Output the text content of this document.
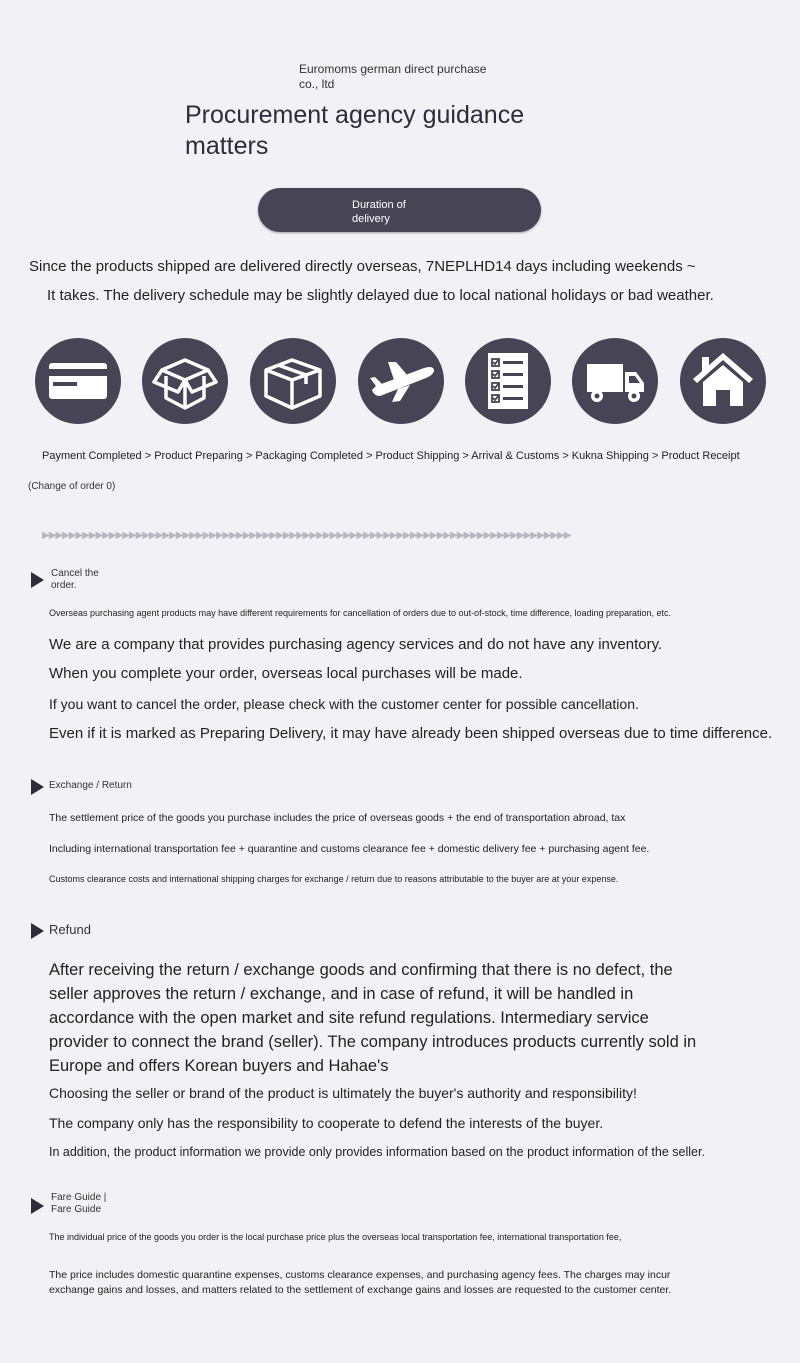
Euromoms german direct purchase co., ltd
Procurement agency guidance matters
Duration of delivery
Since the products shipped are delivered directly overseas, 7NEPLHD14 days including weekends ~
It takes. The delivery schedule may be slightly delayed due to local national holidays or bad weather.
Payment Completed > Product Preparing > Packaging Completed > Product Shipping > Arrival & Customs > Kukna Shipping > Product Receipt
(Change of order 0)
▶▶▶▶▶▶▶▶▶▶▶▶▶▶▶▶▶▶▶▶▶▶▶▶▶▶▶▶▶▶▶▶▶▶▶▶▶▶▶▶▶▶▶▶▶▶▶▶▶▶▶▶▶▶▶▶▶▶▶▶▶▶▶▶▶▶▶▶▶▶▶▶▶▶▶▶▶▶▶
Cancel the order.
Overseas purchasing agent products may have different requirements for cancellation of orders due to out-of-stock, time difference, loading preparation, etc.
We are a company that provides purchasing agency services and do not have any inventory.
When you complete your order, overseas local purchases will be made.
If you want to cancel the order, please check with the customer center for possible cancellation.
Even if it is marked as Preparing Delivery, it may have already been shipped overseas due to time difference.
Exchange / Return
The settlement price of the goods you purchase includes the price of overseas goods + the end of transportation abroad, tax
Including international transportation fee + quarantine and customs clearance fee + domestic delivery fee + purchasing agent fee.
Customs clearance costs and international shipping charges for exchange / return due to reasons attributable to the buyer are at your expense.
Refund
After receiving the return / exchange goods and confirming that there is no defect, the seller approves the return / exchange, and in case of refund, it will be handled in accordance with the open market and site refund regulations. Intermediary service provider to connect the brand (seller). The company introduces products currently sold in Europe and offers Korean buyers and Hahae's
Choosing the seller or brand of the product is ultimately the buyer's authority and responsibility!
The company only has the responsibility to cooperate to defend the interests of the buyer.
In addition, the product information we provide only provides information based on the product information of the seller.
Fare Guide | Fare Guide
The individual price of the goods you order is the local purchase price plus the overseas local transportation fee, international transportation fee,
The price includes domestic quarantine expenses, customs clearance expenses, and purchasing agency fees. The charges may incur
exchange gains and losses, and matters related to the settlement of exchange gains and losses are requested to the customer center.
